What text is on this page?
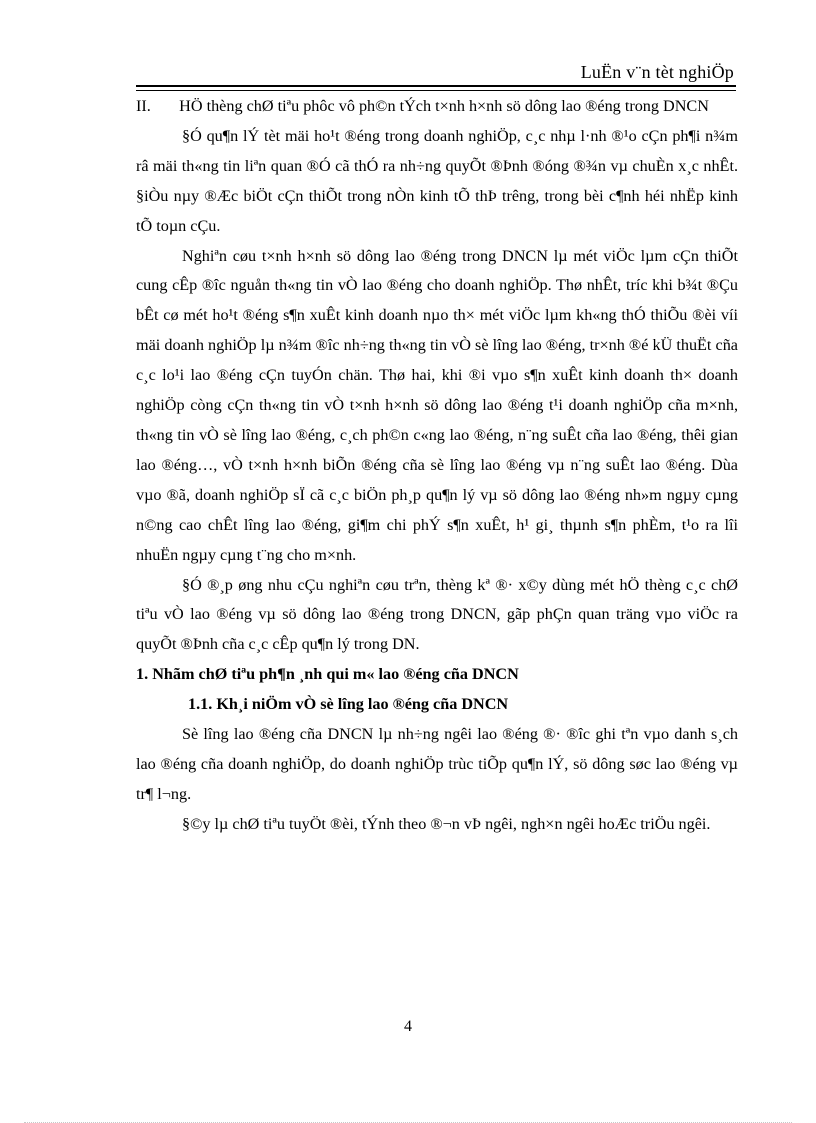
LuËn v¨n tèt nghiÖp

II.       HÖ thèng chØ tiªu phôc vô ph©n tÝch t×nh h×nh sö dông lao ®éng trong DNCN

§Ó qu¶n lÝ tèt mäi ho¹t ®éng trong doanh nghiÖp, c¸c nhµ l·nh ®¹o cÇn ph¶i n¾m râ mäi th«ng tin liªn quan ®Ó cã thÓ ra nh÷ng quyÕt ®Þnh ®óng ®¾n vµ chuÈn x¸c nhÊt. §iÒu nµy ®Æc biÖt cÇn thiÕt trong nÒn kinh tÕ thÞ trêng, trong bèi c¶nh héi nhËp kinh tÕ toµn cÇu.

Nghiªn cøu t×nh h×nh sö dông lao ®éng trong DNCN lµ mét viÖc lµm cÇn thiÕt cung cÊp ®îc nguån th«ng tin vÒ lao ®éng cho doanh nghiÖp. Thø nhÊt, tríc khi b¾t ®Çu bÊt cø mét ho¹t ®éng s¶n xuÊt kinh doanh nµo th× mét viÖc lµm kh«ng thÓ thiÕu ®èi víi mäi doanh nghiÖp lµ n¾m ®îc nh÷ng th«ng tin vÒ sè lîng lao ®éng, tr×nh ®é kÜ thuËt cña c¸c lo¹i lao ®éng cÇn tuyÓn chän. Thø hai, khi ®i vµo s¶n xuÊt kinh doanh th× doanh nghiÖp còng cÇn th«ng tin vÒ t×nh h×nh sö dông lao ®éng t¹i doanh nghiÖp cña m×nh, th«ng tin vÒ sè lîng lao ®éng, c¸ch ph©n c«ng lao ®éng, n¨ng suÊt cña lao ®éng, thêi gian lao ®éng…, vÒ t×nh h×nh biÕn ®éng cña sè lîng lao ®éng vµ n¨ng suÊt lao ®éng. Dùa vµo ®ã, doanh nghiÖp sÏ cã c¸c biÖn ph¸p qu¶n lý vµ sö dông lao ®éng nh»m ngµy cµng n©ng cao chÊt lîng lao ®éng, gi¶m chi phÝ s¶n xuÊt, h¹ gi¸ thµnh s¶n phÈm, t¹o ra lîi nhuËn ngµy cµng t¨ng cho m×nh.

§Ó ®¸p øng nhu cÇu nghiªn cøu trªn, thèng kª ®· x©y dùng mét hÖ thèng c¸c chØ tiªu vÒ lao ®éng vµ sö dông lao ®éng trong DNCN, gãp phÇn quan träng vµo viÖc ra quyÕt ®Þnh cña c¸c cÊp qu¶n lý trong DN.

1. Nhãm chØ tiªu ph¶n ¸nh qui m« lao ®éng cña DNCN

1.1. Kh¸i niÖm vÒ sè lîng lao ®éng cña DNCN

Sè lîng lao ®éng cña DNCN lµ nh÷ng ngêi lao ®éng ®· ®îc ghi tªn vµo danh s¸ch lao ®éng cña doanh nghiÖp, do doanh nghiÖp trùc tiÕp qu¶n lÝ, sö dông søc lao ®éng vµ tr¶ l¬ng.

§©y lµ chØ tiªu tuyÖt ®èi, tÝnh theo ®¬n vÞ ngêi, ngh×n ngêi hoÆc triÖu ngêi.

4
